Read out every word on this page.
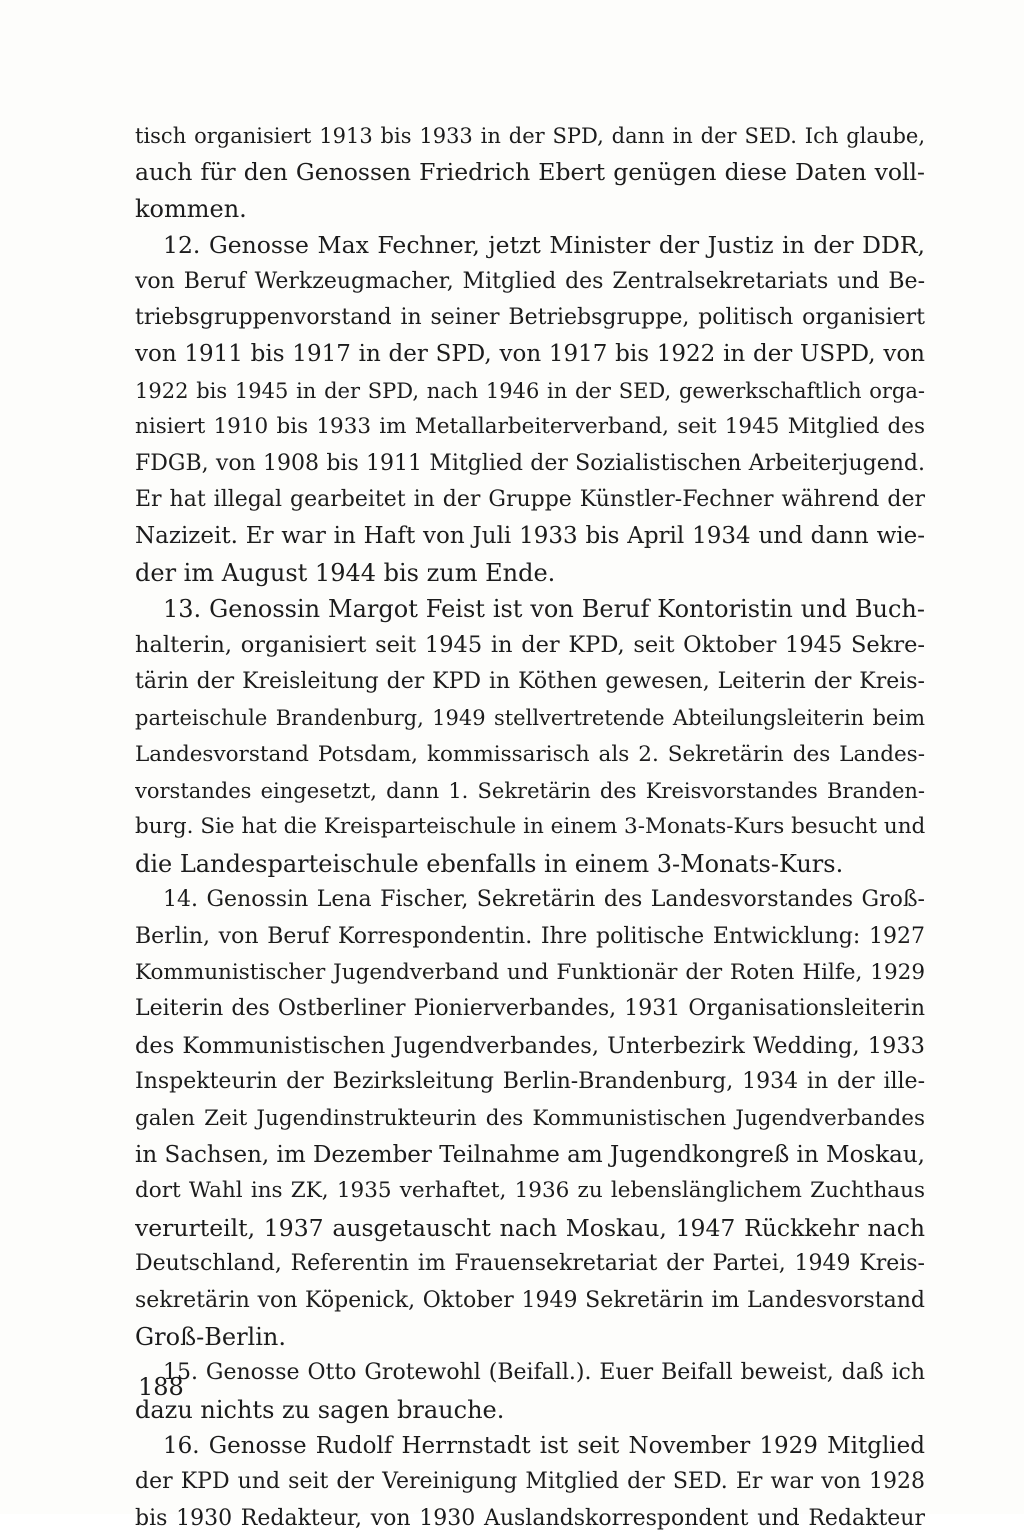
tisch organisiert 1913 bis 1933 in der SPD, dann in der SED. Ich glaube,
auch für den Genossen Friedrich Ebert genügen diese Daten voll-
kommen.
12. Genosse Max Fechner, jetzt Minister der Justiz in der DDR,
von Beruf Werkzeugmacher, Mitglied des Zentralsekretariats und Be-
triebsgruppenvorstand in seiner Betriebsgruppe, politisch organisiert
von 1911 bis 1917 in der SPD, von 1917 bis 1922 in der USPD, von
1922 bis 1945 in der SPD, nach 1946 in der SED, gewerkschaftlich orga-
nisiert 1910 bis 1933 im Metallarbeiterverband, seit 1945 Mitglied des
FDGB, von 1908 bis 1911 Mitglied der Sozialistischen Arbeiterjugend.
Er hat illegal gearbeitet in der Gruppe Künstler-Fechner während der
Nazizeit. Er war in Haft von Juli 1933 bis April 1934 und dann wie-
der im August 1944 bis zum Ende.
13. Genossin Margot Feist ist von Beruf Kontoristin und Buch-
halterin, organisiert seit 1945 in der KPD, seit Oktober 1945 Sekre-
tärin der Kreisleitung der KPD in Köthen gewesen, Leiterin der Kreis-
parteischule Brandenburg, 1949 stellvertretende Abteilungsleiterin beim
Landesvorstand Potsdam, kommissarisch als 2. Sekretärin des Landes-
vorstandes eingesetzt, dann 1. Sekretärin des Kreisvorstandes Branden-
burg. Sie hat die Kreisparteischule in einem 3-Monats-Kurs besucht und
die Landesparteischule ebenfalls in einem 3-Monats-Kurs.
14. Genossin Lena Fischer, Sekretärin des Landesvorstandes Groß-
Berlin, von Beruf Korrespondentin. Ihre politische Entwicklung: 1927
Kommunistischer Jugendverband und Funktionär der Roten Hilfe, 1929
Leiterin des Ostberliner Pionierverbandes, 1931 Organisationsleiterin
des Kommunistischen Jugendverbandes, Unterbezirk Wedding, 1933
Inspekteurin der Bezirksleitung Berlin-Brandenburg, 1934 in der ille-
galen Zeit Jugendinstrukteurin des Kommunistischen Jugendverbandes
in Sachsen, im Dezember Teilnahme am Jugendkongreß in Moskau,
dort Wahl ins ZK, 1935 verhaftet, 1936 zu lebenslänglichem Zuchthaus
verurteilt, 1937 ausgetauscht nach Moskau, 1947 Rückkehr nach
Deutschland, Referentin im Frauensekretariat der Partei, 1949 Kreis-
sekretärin von Köpenick, Oktober 1949 Sekretärin im Landesvorstand
Groß-Berlin.
15. Genosse Otto Grotewohl (Beifall.). Euer Beifall beweist, daß ich
dazu nichts zu sagen brauche.
16. Genosse Rudolf Herrnstadt ist seit November 1929 Mitglied
der KPD und seit der Vereinigung Mitglied der SED. Er war von 1928
bis 1930 Redakteur, von 1930 Auslandskorrespondent und Redakteur
188
